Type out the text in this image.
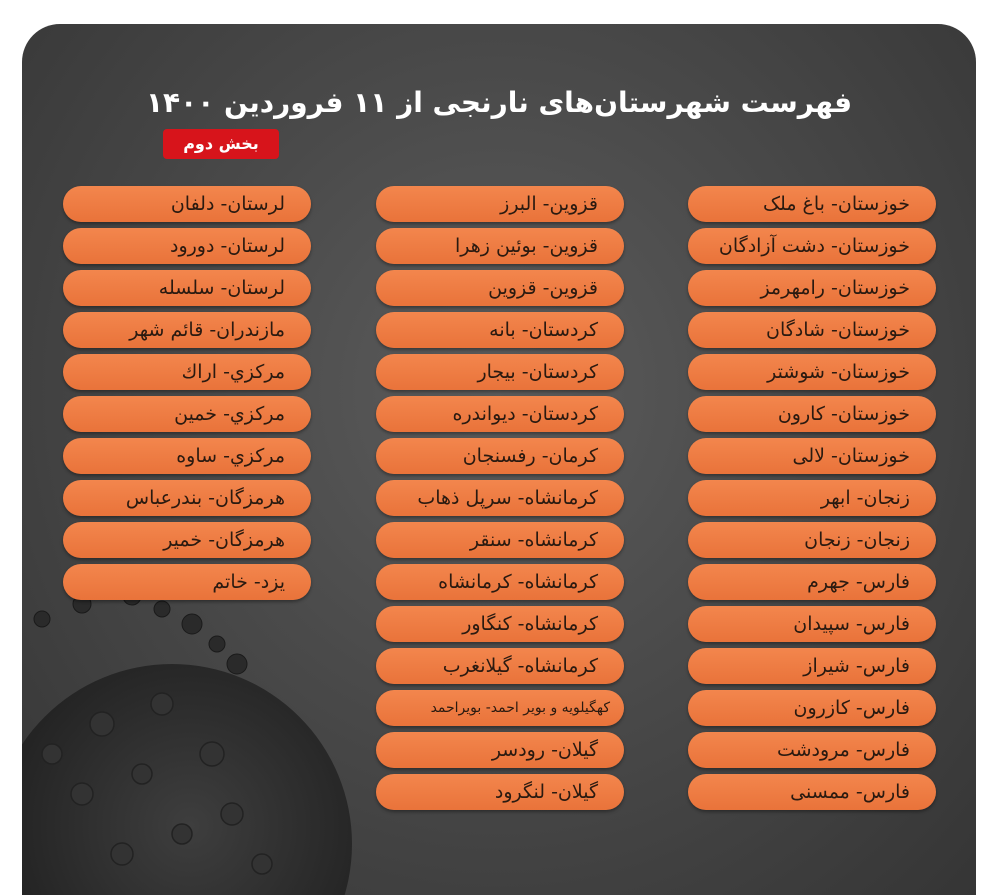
فهرست شهرستان‌های نارنجی از ۱۱ فروردین ۱۴۰۰
بخش دوم
خوزستان- باغ ملک
خوزستان- دشت آزادگان
خوزستان- رامهرمز
خوزستان- شادگان
خوزستان- شوشتر
خوزستان- کارون
خوزستان- لالی
زنجان- ابهر
زنجان- زنجان
فارس- جهرم
فارس- سپیدان
فارس- شیراز
فارس- کازرون
فارس- مرودشت
فارس- ممسنی
قزوین- البرز
قزوین- بوئین زهرا
قزوین- قزوین
کردستان- بانه
کردستان- بیجار
کردستان- دیواندره
کرمان- رفسنجان
کرمانشاه- سرپل ذهاب
کرمانشاه- سنقر
کرمانشاه- کرمانشاه
کرمانشاه- کنگاور
کرمانشاه- گیلانغرب
کهگیلویه و بویر احمد- بویراحمد
گیلان- رودسر
گیلان- لنگرود
لرستان- دلفان
لرستان- دورود
لرستان- سلسله
مازندران- قائم شهر
مرکزي- اراك
مرکزي- خمین
مرکزي- ساوه
هرمزگان- بندرعباس
هرمزگان- خمیر
یزد- خاتم
